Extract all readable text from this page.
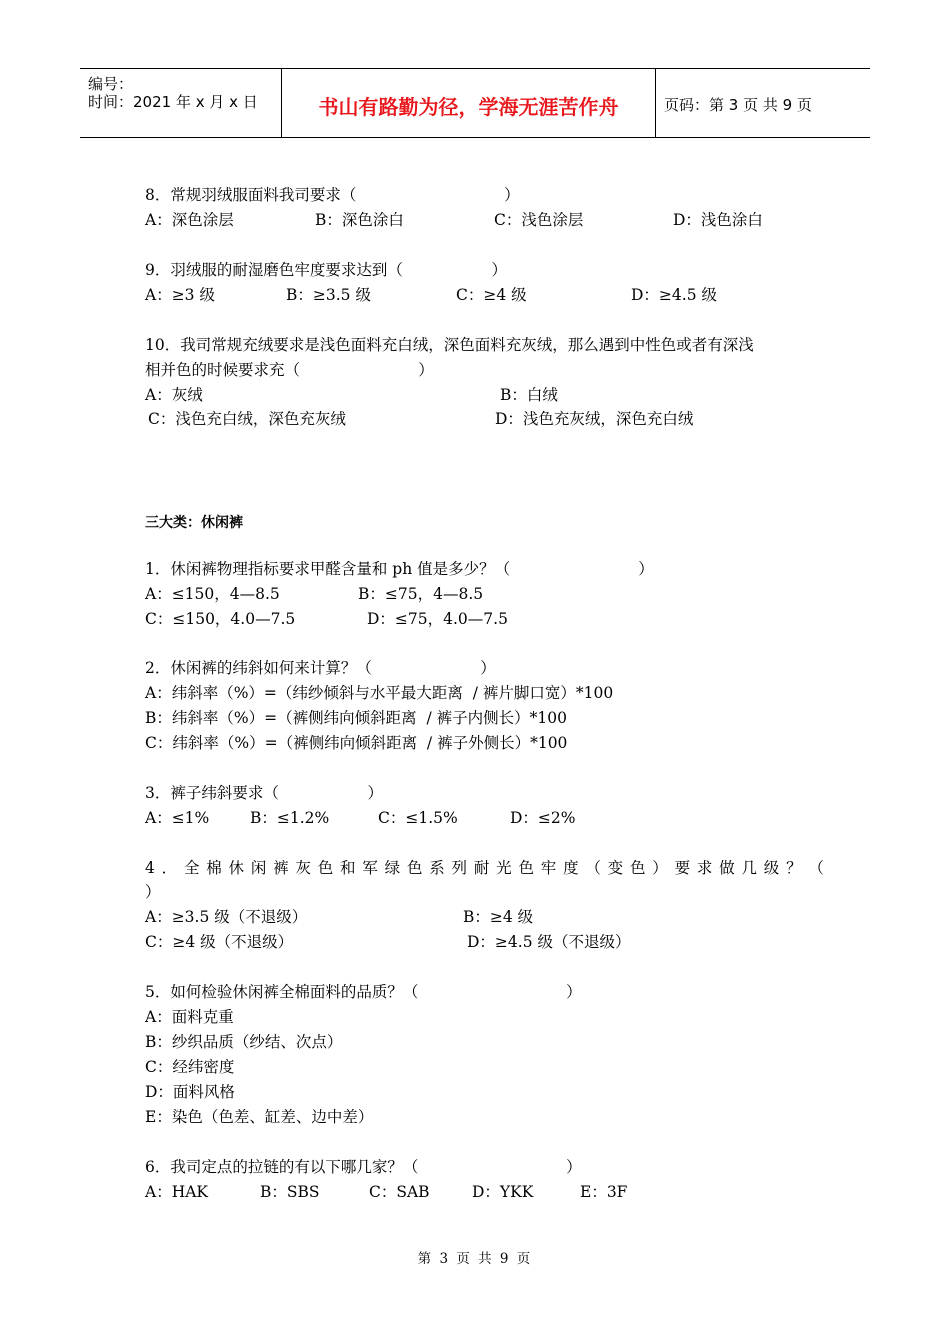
编号：
时间：2021 年 x 月 x 日	书山有路勤为径，学海无涯苦作舟	页码：第 3 页 共 9 页
8．常规羽绒服面料我司要求（                              ）
A：深色涂层	B：深色涂白	C：浅色涂层	D：浅色涂白
9．羽绒服的耐湿磨色牢度要求达到（                  ）
A：≥3 级	B：≥3.5 级	C：≥4 级	D：≥4.5 级
10．我司常规充绒要求是浅色面料充白绒，深色面料充灰绒，那么遇到中性色或者有深浅
相并色的时候要求充（                        ）
A：灰绒	B：白绒
C：浅色充白绒，深色充灰绒	D：浅色充灰绒，深色充白绒
三大类：休闲裤
1．休闲裤物理指标要求甲醛含量和 ph 值是多少？（                          ）
A：≤150，4—8.5	B：≤75，4—8.5
C：≤150，4.0—7.5	D：≤75，4.0—7.5
2．休闲裤的纬斜如何来计算？（                      ）
A：纬斜率（%）=（纬纱倾斜与水平最大距离  / 裤片脚口宽）*100
B：纬斜率（%）=（裤侧纬向倾斜距离  / 裤子内侧长）*100
C：纬斜率（%）=（裤侧纬向倾斜距离  / 裤子外侧长）*100
3．裤子纬斜要求（                  ）
A：≤1%	B：≤1.2%	C：≤1.5%	D：≤2%
4．全棉休闲裤灰色和军绿色系列耐光色牢度（变色）要求做几级？（
）
A：≥3.5 级（不退级）	B：≥4 级
C：≥4 级（不退级）	D：≥4.5 级（不退级）
5．如何检验休闲裤全棉面料的品质？（                              ）
A：面料克重
B：纱织品质（纱结、次点）
C：经纬密度
D：面料风格
E：染色（色差、缸差、边中差）
6．我司定点的拉链的有以下哪几家？（                              ）
A：HAK	B：SBS	C：SAB	D：YKK	E：3F
第 3 页 共 9 页
